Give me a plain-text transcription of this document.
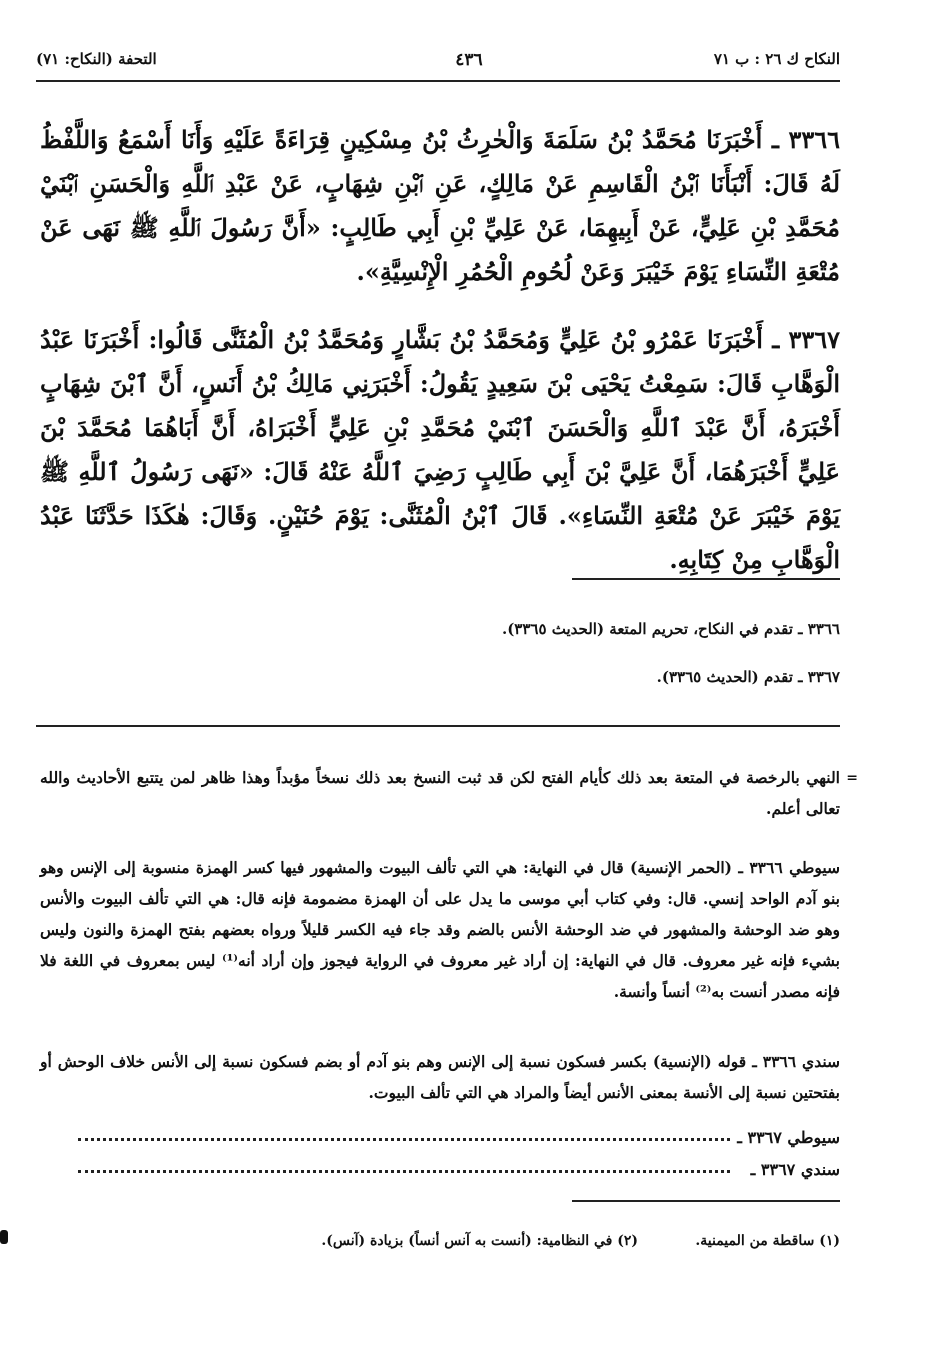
النكاح ك ٢٦ : ب ٧١
٤٣٦
التحفة (النكاح: ٧١)
٣٣٦٦ ـ أَخْبَرَنَا مُحَمَّدُ بْنُ سَلَمَةَ وَالْحٰرِثُ بْنُ مِسْكِينٍ قِرَاءَةً عَلَيْهِ وَأَنَا أَسْمَعُ وَاللَّفْظُ لَهُ قَالَ: أَنْبَأَنَا ٱبْنُ الْقَاسِمِ عَنْ مَالِكٍ، عَنِ ٱبْنِ شِهَابٍ، عَنْ عَبْدِ ٱللَّهِ وَالْحَسَنِ ٱبْنَيْ مُحَمَّدِ بْنِ عَلِيٍّ، عَنْ أَبِيهِمَا، عَنْ عَلِيِّ بْنِ أَبِي طَالِبٍ: «أَنَّ رَسُولَ ٱللَّهِ ﷺ نَهَى عَنْ مُتْعَةِ النِّسَاءِ يَوْمَ خَيْبَرَ وَعَنْ لُحُومِ الْحُمُرِ الْإِنْسِيَّةِ».
٣٣٦٧ ـ أَخْبَرَنَا عَمْرُو بْنُ عَلِيٍّ وَمُحَمَّدُ بْنُ بَشَّارٍ وَمُحَمَّدُ بْنُ الْمُثَنَّى قَالُوا: أَخْبَرَنَا عَبْدُ الْوَهَّابِ قَالَ: سَمِعْتُ يَحْيَى بْنَ سَعِيدٍ يَقُولُ: أَخْبَرَنِي مَالِكُ بْنُ أَنَسٍ، أَنَّ ٱبْنَ شِهَابٍ أَخْبَرَهُ، أَنَّ عَبْدَ ٱللَّهِ وَالْحَسَنَ ٱبْنَيْ مُحَمَّدِ بْنِ عَلِيٍّ أَخْبَرَاهُ، أَنَّ أَبَاهُمَا مُحَمَّدَ بْنَ عَلِيٍّ أَخْبَرَهُمَا، أَنَّ عَلِيَّ بْنَ أَبِي طَالِبٍ رَضِيَ ٱللَّهُ عَنْهُ قَالَ: «نَهَى رَسُولُ ٱللَّهِ ﷺ يَوْمَ خَيْبَرَ عَنْ مُتْعَةِ النِّسَاءِ». قَالَ ٱبْنُ الْمُثَنَّى: يَوْمَ حُنَيْنٍ. وَقَالَ: هٰكَذَا حَدَّثَنَا عَبْدُ الْوَهَّابِ مِنْ كِتَابِهِ.
٣٣٦٦ ـ تقدم في النكاح، تحريم المتعة (الحديث ٣٣٦٥).
٣٣٦٧ ـ تقدم (الحديث ٣٣٦٥).
=
النهي بالرخصة في المتعة بعد ذلك كأيام الفتح لكن قد ثبت النسخ بعد ذلك نسخاً مؤبداً وهذا ظاهر لمن يتتبع الأحاديث والله تعالى أعلم.
سيوطي ٣٣٦٦ ـ (الحمر الإنسية) قال في النهاية: هي التي تألف البيوت والمشهور فيها كسر الهمزة منسوبة إلى الإنس وهو بنو آدم الواحد إنسي. قال: وفي كتاب أبي موسى ما يدل على أن الهمزة مضمومة فإنه قال: هي التي تألف البيوت والأنس وهو ضد الوحشة والمشهور في ضد الوحشة الأنس بالضم وقد جاء فيه الكسر قليلاً ورواه بعضهم بفتح الهمزة والنون وليس بشيء فإنه غير معروف. قال في النهاية: إن أراد غير معروف في الرواية فيجوز وإن أراد أنه⁽¹⁾ ليس بمعروف في اللغة فلا فإنه مصدر أنست به⁽²⁾ أنساً وأنسة.
سندي ٣٣٦٦ ـ قوله (الإنسية) بكسر فسكون نسبة إلى الإنس وهم بنو آدم أو بضم فسكون نسبة إلى الأنس خلاف الوحش أو بفتحتين نسبة إلى الأنسة بمعنى الأنس أيضاً والمراد هي التي تألف البيوت.
سيوطي ٣٣٦٧ ـ
سندي ٣٣٦٧ ـ
(١) ساقطة من الميمنية.
(٢) في النظامية: (أنست به آنس أنساً) بزيادة (آنس).
